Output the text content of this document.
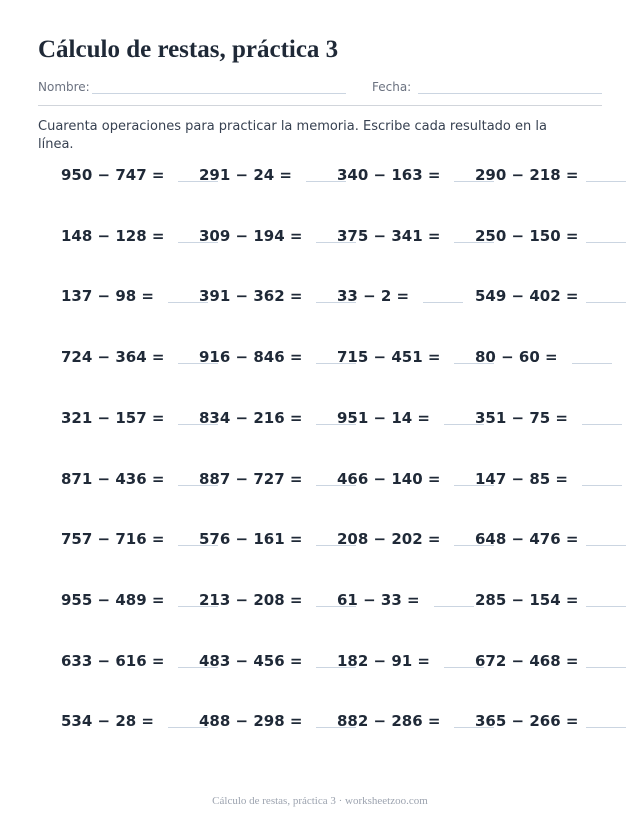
Cálculo de restas, práctica 3
Nombre:	Fecha:

Cuarenta operaciones para practicar la memoria. Escribe cada resultado en la línea.

950 − 747 = 291 − 24 =	340 − 163 = 290 − 218 =
148 − 128 = 309 − 194 = 375 − 341 = 250 − 150 =
137 − 98 =	391 − 362 = 33 − 2 =	549 − 402 =
724 − 364 = 916 − 846 = 715 − 451 = 80 − 60 =
321 − 157 = 834 − 216 = 951 − 14 =	351 − 75 =
871 − 436 = 887 − 727 = 466 − 140 = 147 − 85 =
757 − 716 = 576 − 161 = 208 − 202 = 648 − 476 =
955 − 489 = 213 − 208 = 61 − 33 =	285 − 154 =
633 − 616 = 483 − 456 = 182 − 91 =	672 − 468 =
534 − 28 =	488 − 298 = 882 − 286 = 365 − 266 =
Cálculo de restas, práctica 3 · worksheetzoo.com
